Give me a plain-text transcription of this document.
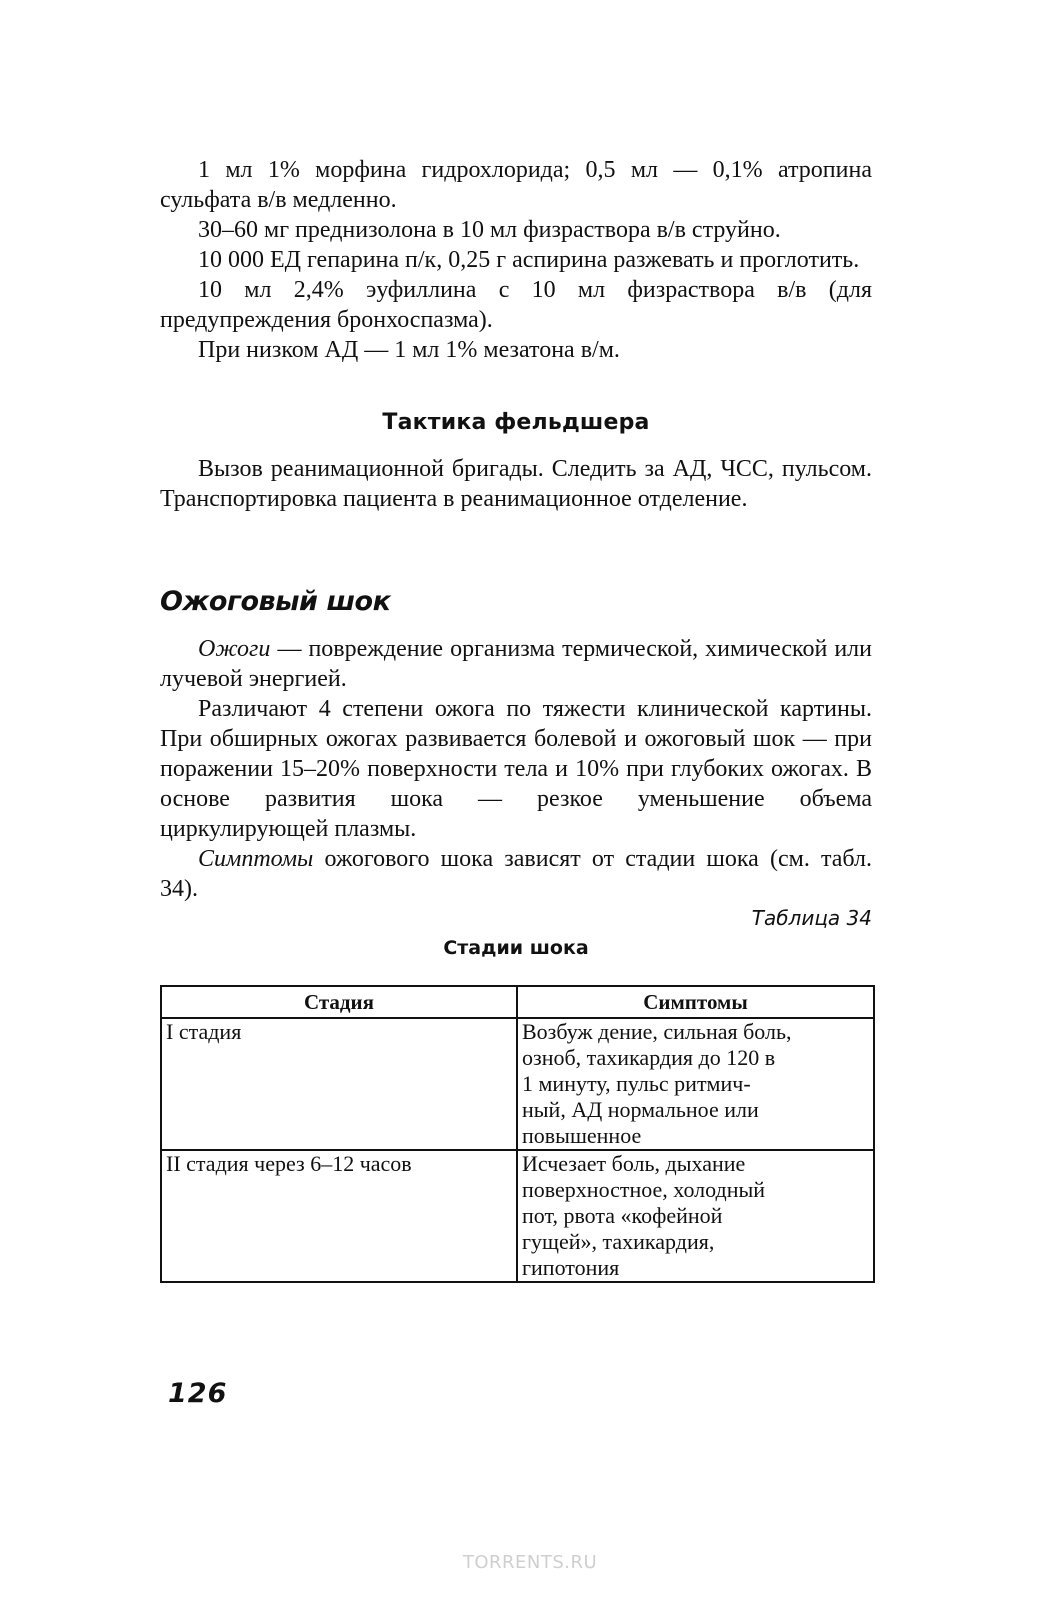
1 мл 1% морфина гидрохлорида; 0,5 мл — 0,1% атропина сульфата в/в медленно.

30–60 мг преднизолона в 10 мл физраствора в/в струйно.

10 000 ЕД гепарина п/к, 0,25 г аспирина разжевать и проглотить.

10 мл 2,4% эуфиллина с 10 мл физраствора в/в (для предупреждения бронхоспазма).

При низком АД — 1 мл 1% мезатона в/м.

Тактика фельдшера

Вызов реанимационной бригады. Следить за АД, ЧСС, пульсом. Транспортировка пациента в реанимационное отделение.

Ожоговый шок

Ожоги — повреждение организма термической, химической или лучевой энергией.

Различают 4 степени ожога по тяжести клинической картины. При обширных ожогах развивается болевой и ожоговый шок — при поражении 15–20% поверхности тела и 10% при глубоких ожогах. В основе развития шока — резкое уменьшение объема циркулирующей плазмы.

Симптомы ожогового шока зависят от стадии шока (см. табл. 34).

Таблица 34

Стадии шока

Стадия	Симптомы
I стадия	Возбуж дение, сильная боль,
озноб, тахикардия до 120 в
1 минуту, пульс ритмич-
ный, АД нормальное или
повышенное

II стадия через 6–12 часов	Исчезает боль, дыхание
поверхностное, холодный
пот, рвота «кофейной
гущей», тахикардия,
гипотония

126

TORRENTS.RU
